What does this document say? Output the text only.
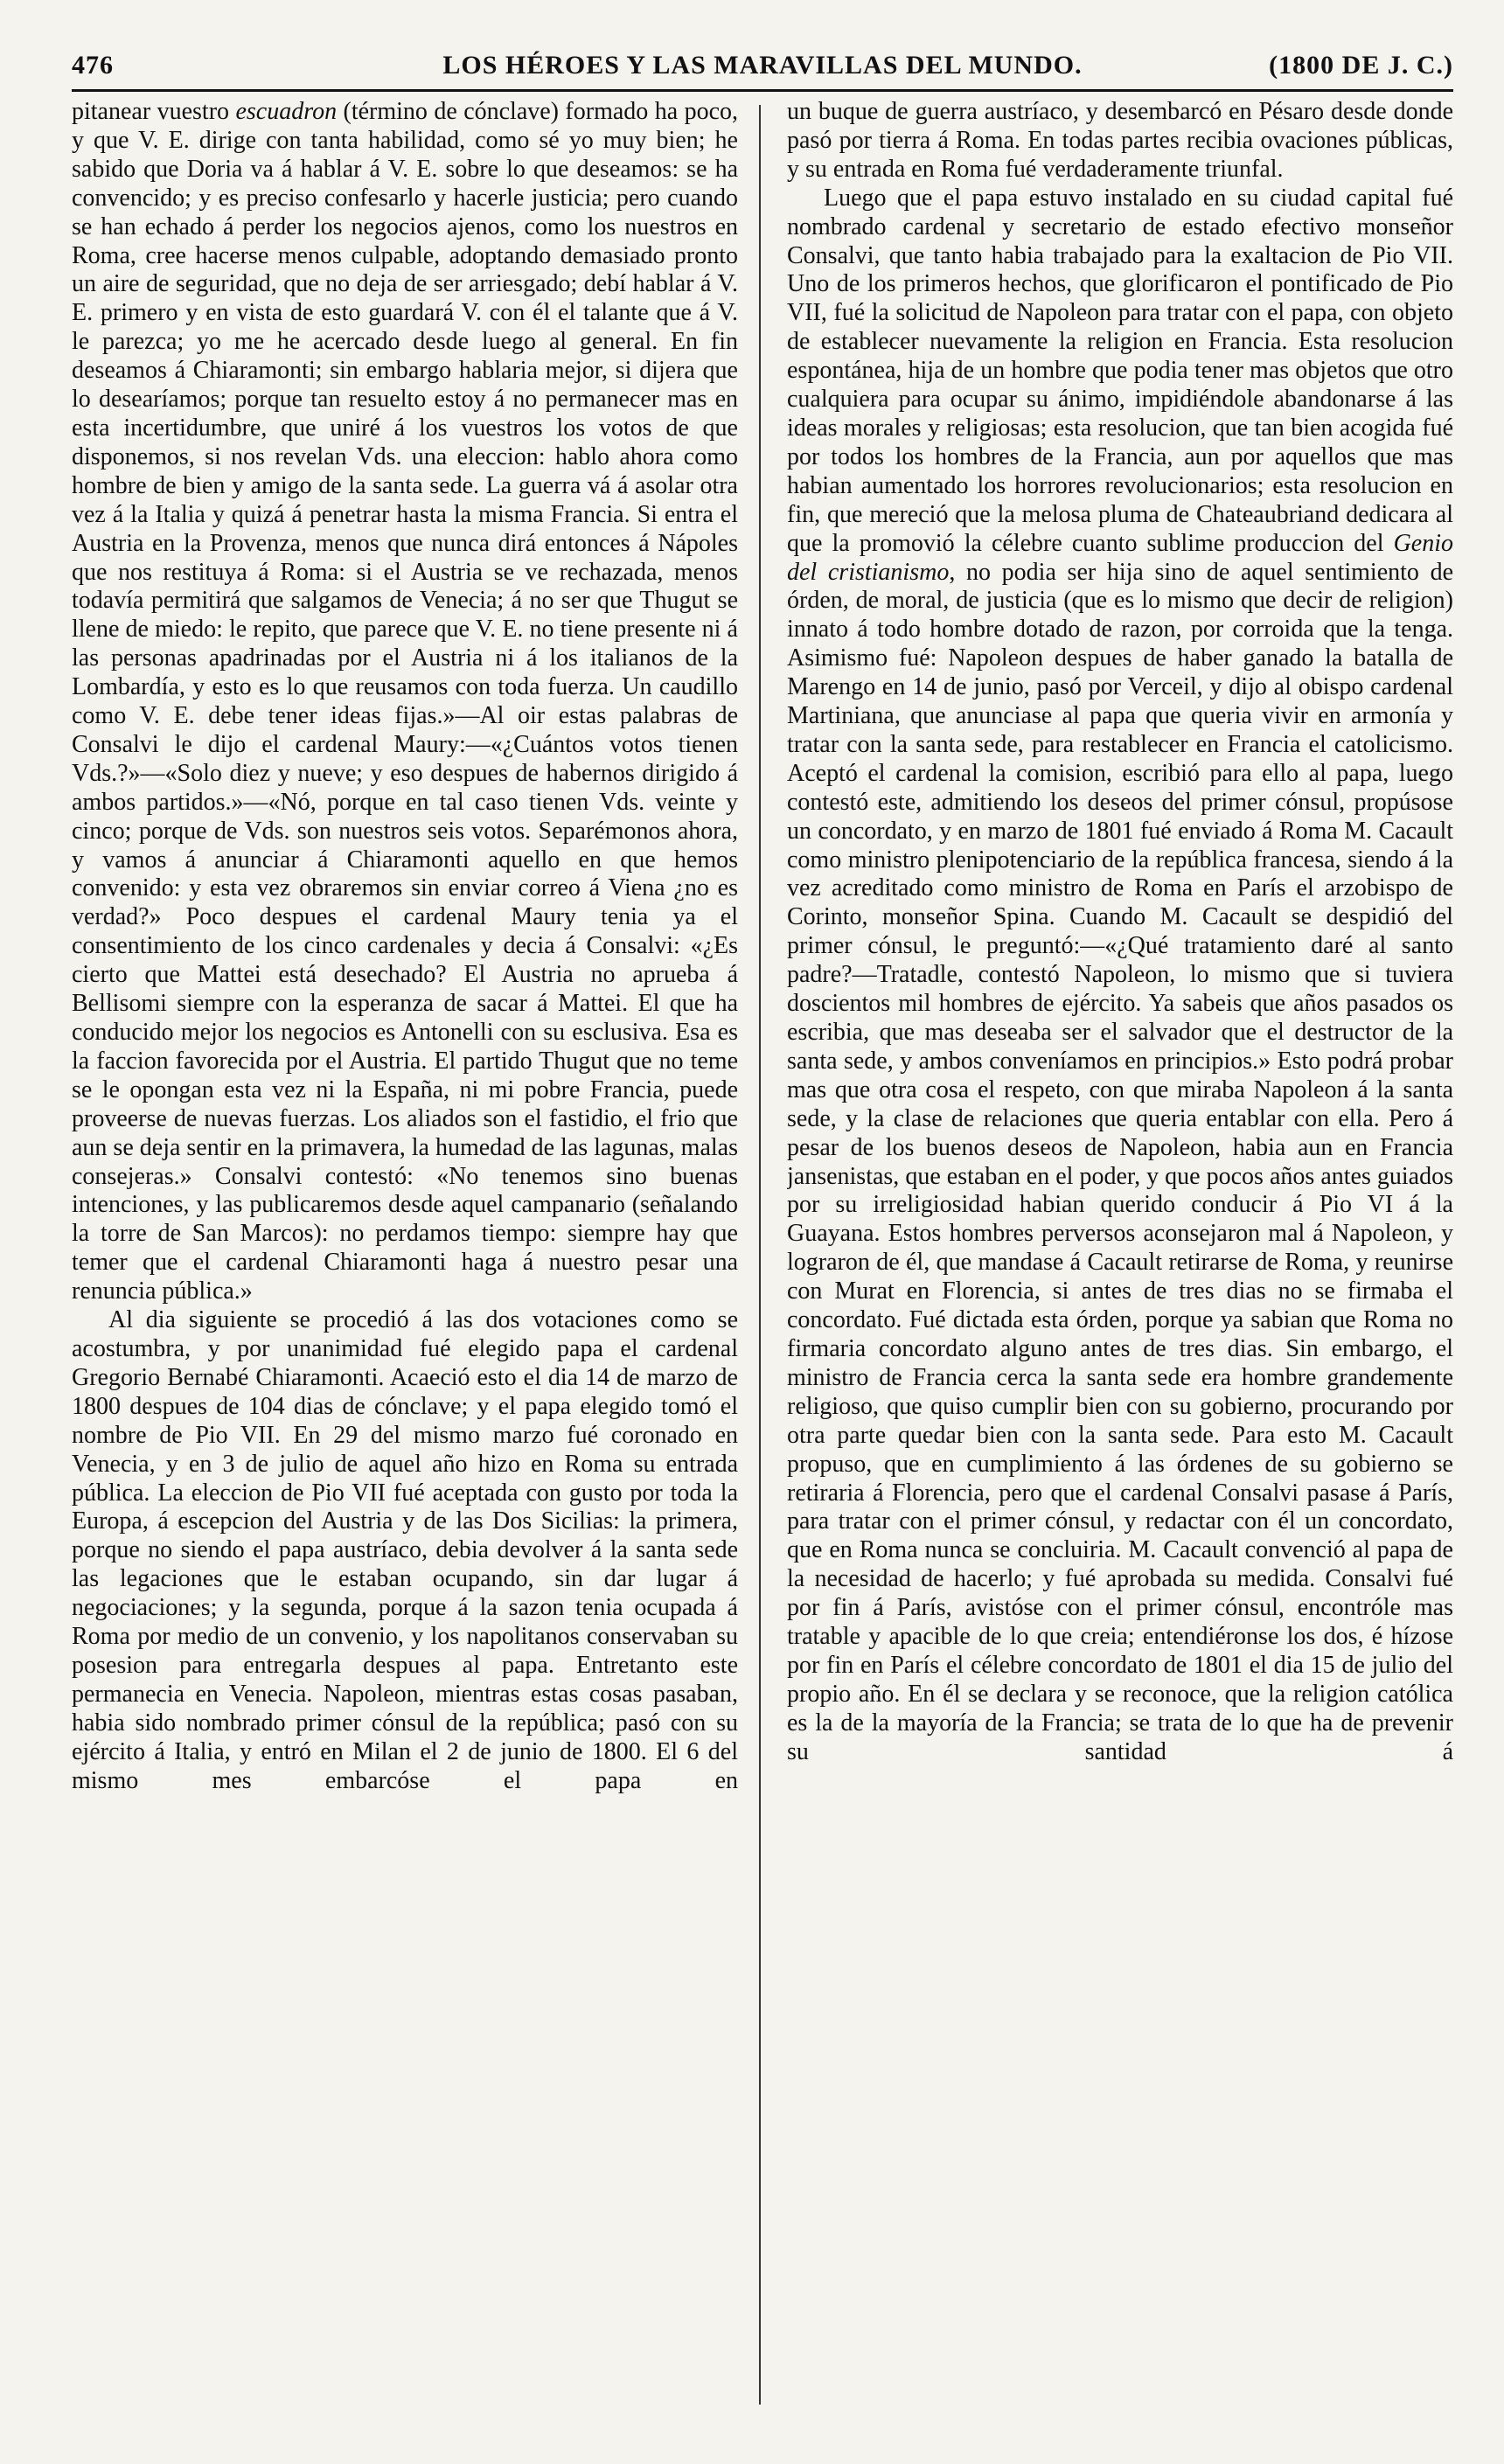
476	LOS HÉROES Y LAS MARAVILLAS DEL MUNDO.	(1800 DE J. C.)

pitanear vuestro escuadron (término de cónclave) formado ha poco, y que V. E. dirige con tanta habilidad, como sé yo muy bien; he sabido que Doria va á hablar á V. E. sobre lo que deseamos: se ha convencido; y es preciso confesarlo y hacerle justicia; pero cuando se han echado á perder los negocios ajenos, como los nuestros en Roma, cree hacerse menos culpable, adoptando demasiado pronto un aire de seguridad, que no deja de ser arriesgado; debí hablar á V. E. primero y en vista de esto guardará V. con él el talante que á V. le parezca; yo me he acercado desde luego al general. En fin deseamos á Chiaramonti; sin embargo hablaria mejor, si dijera que lo desearíamos; porque tan resuelto estoy á no permanecer mas en esta incertidumbre, que uniré á los vuestros los votos de que disponemos, si nos revelan Vds. una eleccion: hablo ahora como hombre de bien y amigo de la santa sede. La guerra vá á asolar otra vez á la Italia y quizá á penetrar hasta la misma Francia. Si entra el Austria en la Provenza, menos que nunca dirá entonces á Nápoles que nos restituya á Roma: si el Austria se ve rechazada, menos todavía permitirá que salgamos de Venecia; á no ser que Thugut se llene de miedo: le repito, que parece que V. E. no tiene presente ni á las personas apadrinadas por el Austria ni á los italianos de la Lombardía, y esto es lo que reusamos con toda fuerza. Un caudillo como V. E. debe tener ideas fijas.»—Al oir estas palabras de Consalvi le dijo el cardenal Maury:—«¿Cuántos votos tienen Vds.?»—«Solo diez y nueve; y eso despues de habernos dirigido á ambos partidos.»—«Nó, porque en tal caso tienen Vds. veinte y cinco; porque de Vds. son nuestros seis votos. Separémonos ahora, y vamos á anunciar á Chiaramonti aquello en que hemos convenido: y esta vez obraremos sin enviar correo á Viena ¿no es verdad?» Poco despues el cardenal Maury tenia ya el consentimiento de los cinco cardenales y decia á Consalvi: «¿Es cierto que Mattei está desechado? El Austria no aprueba á Bellisomi siempre con la esperanza de sacar á Mattei. El que ha conducido mejor los negocios es Antonelli con su esclusiva. Esa es la faccion favorecida por el Austria. El partido Thugut que no teme se le opongan esta vez ni la España, ni mi pobre Francia, puede proveerse de nuevas fuerzas. Los aliados son el fastidio, el frio que aun se deja sentir en la primavera, la humedad de las lagunas, malas consejeras.» Consalvi contestó: «No tenemos sino buenas intenciones, y las publicaremos desde aquel campanario (señalando la torre de San Marcos): no perdamos tiempo: siempre hay que temer que el cardenal Chiaramonti haga á nuestro pesar una renuncia pública.»

Al dia siguiente se procedió á las dos votaciones como se acostumbra, y por unanimidad fué elegido papa el cardenal Gregorio Bernabé Chiaramonti. Acaeció esto el dia 14 de marzo de 1800 despues de 104 dias de cónclave; y el papa elegido tomó el nombre de Pio VII. En 29 del mismo marzo fué coronado en Venecia, y en 3 de julio de aquel año hizo en Roma su entrada pública. La eleccion de Pio VII fué aceptada con gusto por toda la Europa, á escepcion del Austria y de las Dos Sicilias: la primera, porque no siendo el papa austríaco, debia devolver á la santa sede las legaciones que le estaban ocupando, sin dar lugar á negociaciones; y la segunda, porque á la sazon tenia ocupada á Roma por medio de un convenio, y los napolitanos conservaban su posesion para entregarla despues al papa. Entretanto este permanecia en Venecia. Napoleon, mientras estas cosas pasaban, habia sido nombrado primer cónsul de la república; pasó con su ejército á Italia, y entró en Milan el 2 de junio de 1800. El 6 del mismo mes embarcóse el papa en

un buque de guerra austríaco, y desembarcó en Pésaro desde donde pasó por tierra á Roma. En todas partes recibia ovaciones públicas, y su entrada en Roma fué verdaderamente triunfal.

Luego que el papa estuvo instalado en su ciudad capital fué nombrado cardenal y secretario de estado efectivo monseñor Consalvi, que tanto habia trabajado para la exaltacion de Pio VII. Uno de los primeros hechos, que glorificaron el pontificado de Pio VII, fué la solicitud de Napoleon para tratar con el papa, con objeto de establecer nuevamente la religion en Francia. Esta resolucion espontánea, hija de un hombre que podia tener mas objetos que otro cualquiera para ocupar su ánimo, impidiéndole abandonarse á las ideas morales y religiosas; esta resolucion, que tan bien acogida fué por todos los hombres de la Francia, aun por aquellos que mas habian aumentado los horrores revolucionarios; esta resolucion en fin, que mereció que la melosa pluma de Chateaubriand dedicara al que la promovió la célebre cuanto sublime produccion del Genio del cristianismo, no podia ser hija sino de aquel sentimiento de órden, de moral, de justicia (que es lo mismo que decir de religion) innato á todo hombre dotado de razon, por corroida que la tenga. Asimismo fué: Napoleon despues de haber ganado la batalla de Marengo en 14 de junio, pasó por Verceil, y dijo al obispo cardenal Martiniana, que anunciase al papa que queria vivir en armonía y tratar con la santa sede, para restablecer en Francia el catolicismo. Aceptó el cardenal la comision, escribió para ello al papa, luego contestó este, admitiendo los deseos del primer cónsul, propúsose un concordato, y en marzo de 1801 fué enviado á Roma M. Cacault como ministro plenipotenciario de la república francesa, siendo á la vez acreditado como ministro de Roma en París el arzobispo de Corinto, monseñor Spina. Cuando M. Cacault se despidió del primer cónsul, le preguntó:—«¿Qué tratamiento daré al santo padre?—Tratadle, contestó Napoleon, lo mismo que si tuviera doscientos mil hombres de ejército. Ya sabeis que años pasados os escribia, que mas deseaba ser el salvador que el destructor de la santa sede, y ambos conveníamos en principios.» Esto podrá probar mas que otra cosa el respeto, con que miraba Napoleon á la santa sede, y la clase de relaciones que queria entablar con ella. Pero á pesar de los buenos deseos de Napoleon, habia aun en Francia jansenistas, que estaban en el poder, y que pocos años antes guiados por su irreligiosidad habian querido conducir á Pio VI á la Guayana. Estos hombres perversos aconsejaron mal á Napoleon, y lograron de él, que mandase á Cacault retirarse de Roma, y reunirse con Murat en Florencia, si antes de tres dias no se firmaba el concordato. Fué dictada esta órden, porque ya sabian que Roma no firmaria concordato alguno antes de tres dias. Sin embargo, el ministro de Francia cerca la santa sede era hombre grandemente religioso, que quiso cumplir bien con su gobierno, procurando por otra parte quedar bien con la santa sede. Para esto M. Cacault propuso, que en cumplimiento á las órdenes de su gobierno se retiraria á Florencia, pero que el cardenal Consalvi pasase á París, para tratar con el primer cónsul, y redactar con él un concordato, que en Roma nunca se concluiria. M. Cacault convenció al papa de la necesidad de hacerlo; y fué aprobada su medida. Consalvi fué por fin á París, avistóse con el primer cónsul, encontróle mas tratable y apacible de lo que creia; entendiéronse los dos, é hízose por fin en París el célebre concordato de 1801 el dia 15 de julio del propio año. En él se declara y se reconoce, que la religion católica es la de la mayoría de la Francia; se trata de lo que ha de prevenir su santidad á
